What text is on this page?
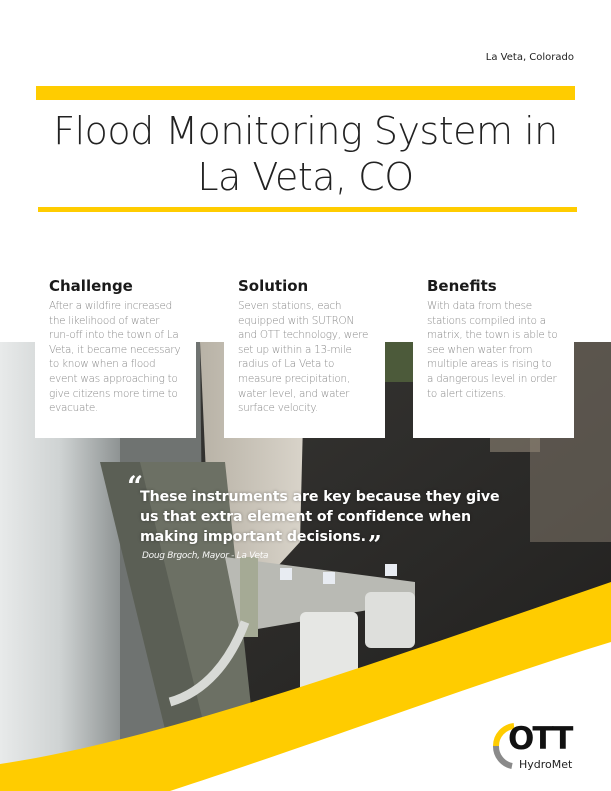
La Veta, Colorado
Flood Monitoring System in La Veta, CO
Challenge

After a wildfire increased the likelihood of water run-off into the town of La Veta, it became necessary to know when a flood event was approaching to give citizens more time to evacuate.

Solution

Seven stations, each equipped with SUTRON and OTT technology, were set up within a 13-mile radius of La Veta to measure precipitation, water level, and water surface velocity.

Benefits

With data from these stations compiled into a matrix, the town is able to see when water from multiple areas is rising to a dangerous level in order to alert citizens.

“
These instruments are key because they give us that extra element of confidence when making important decisions.”
Doug Brgoch, Mayor - La Veta
OTT
HydroMet
